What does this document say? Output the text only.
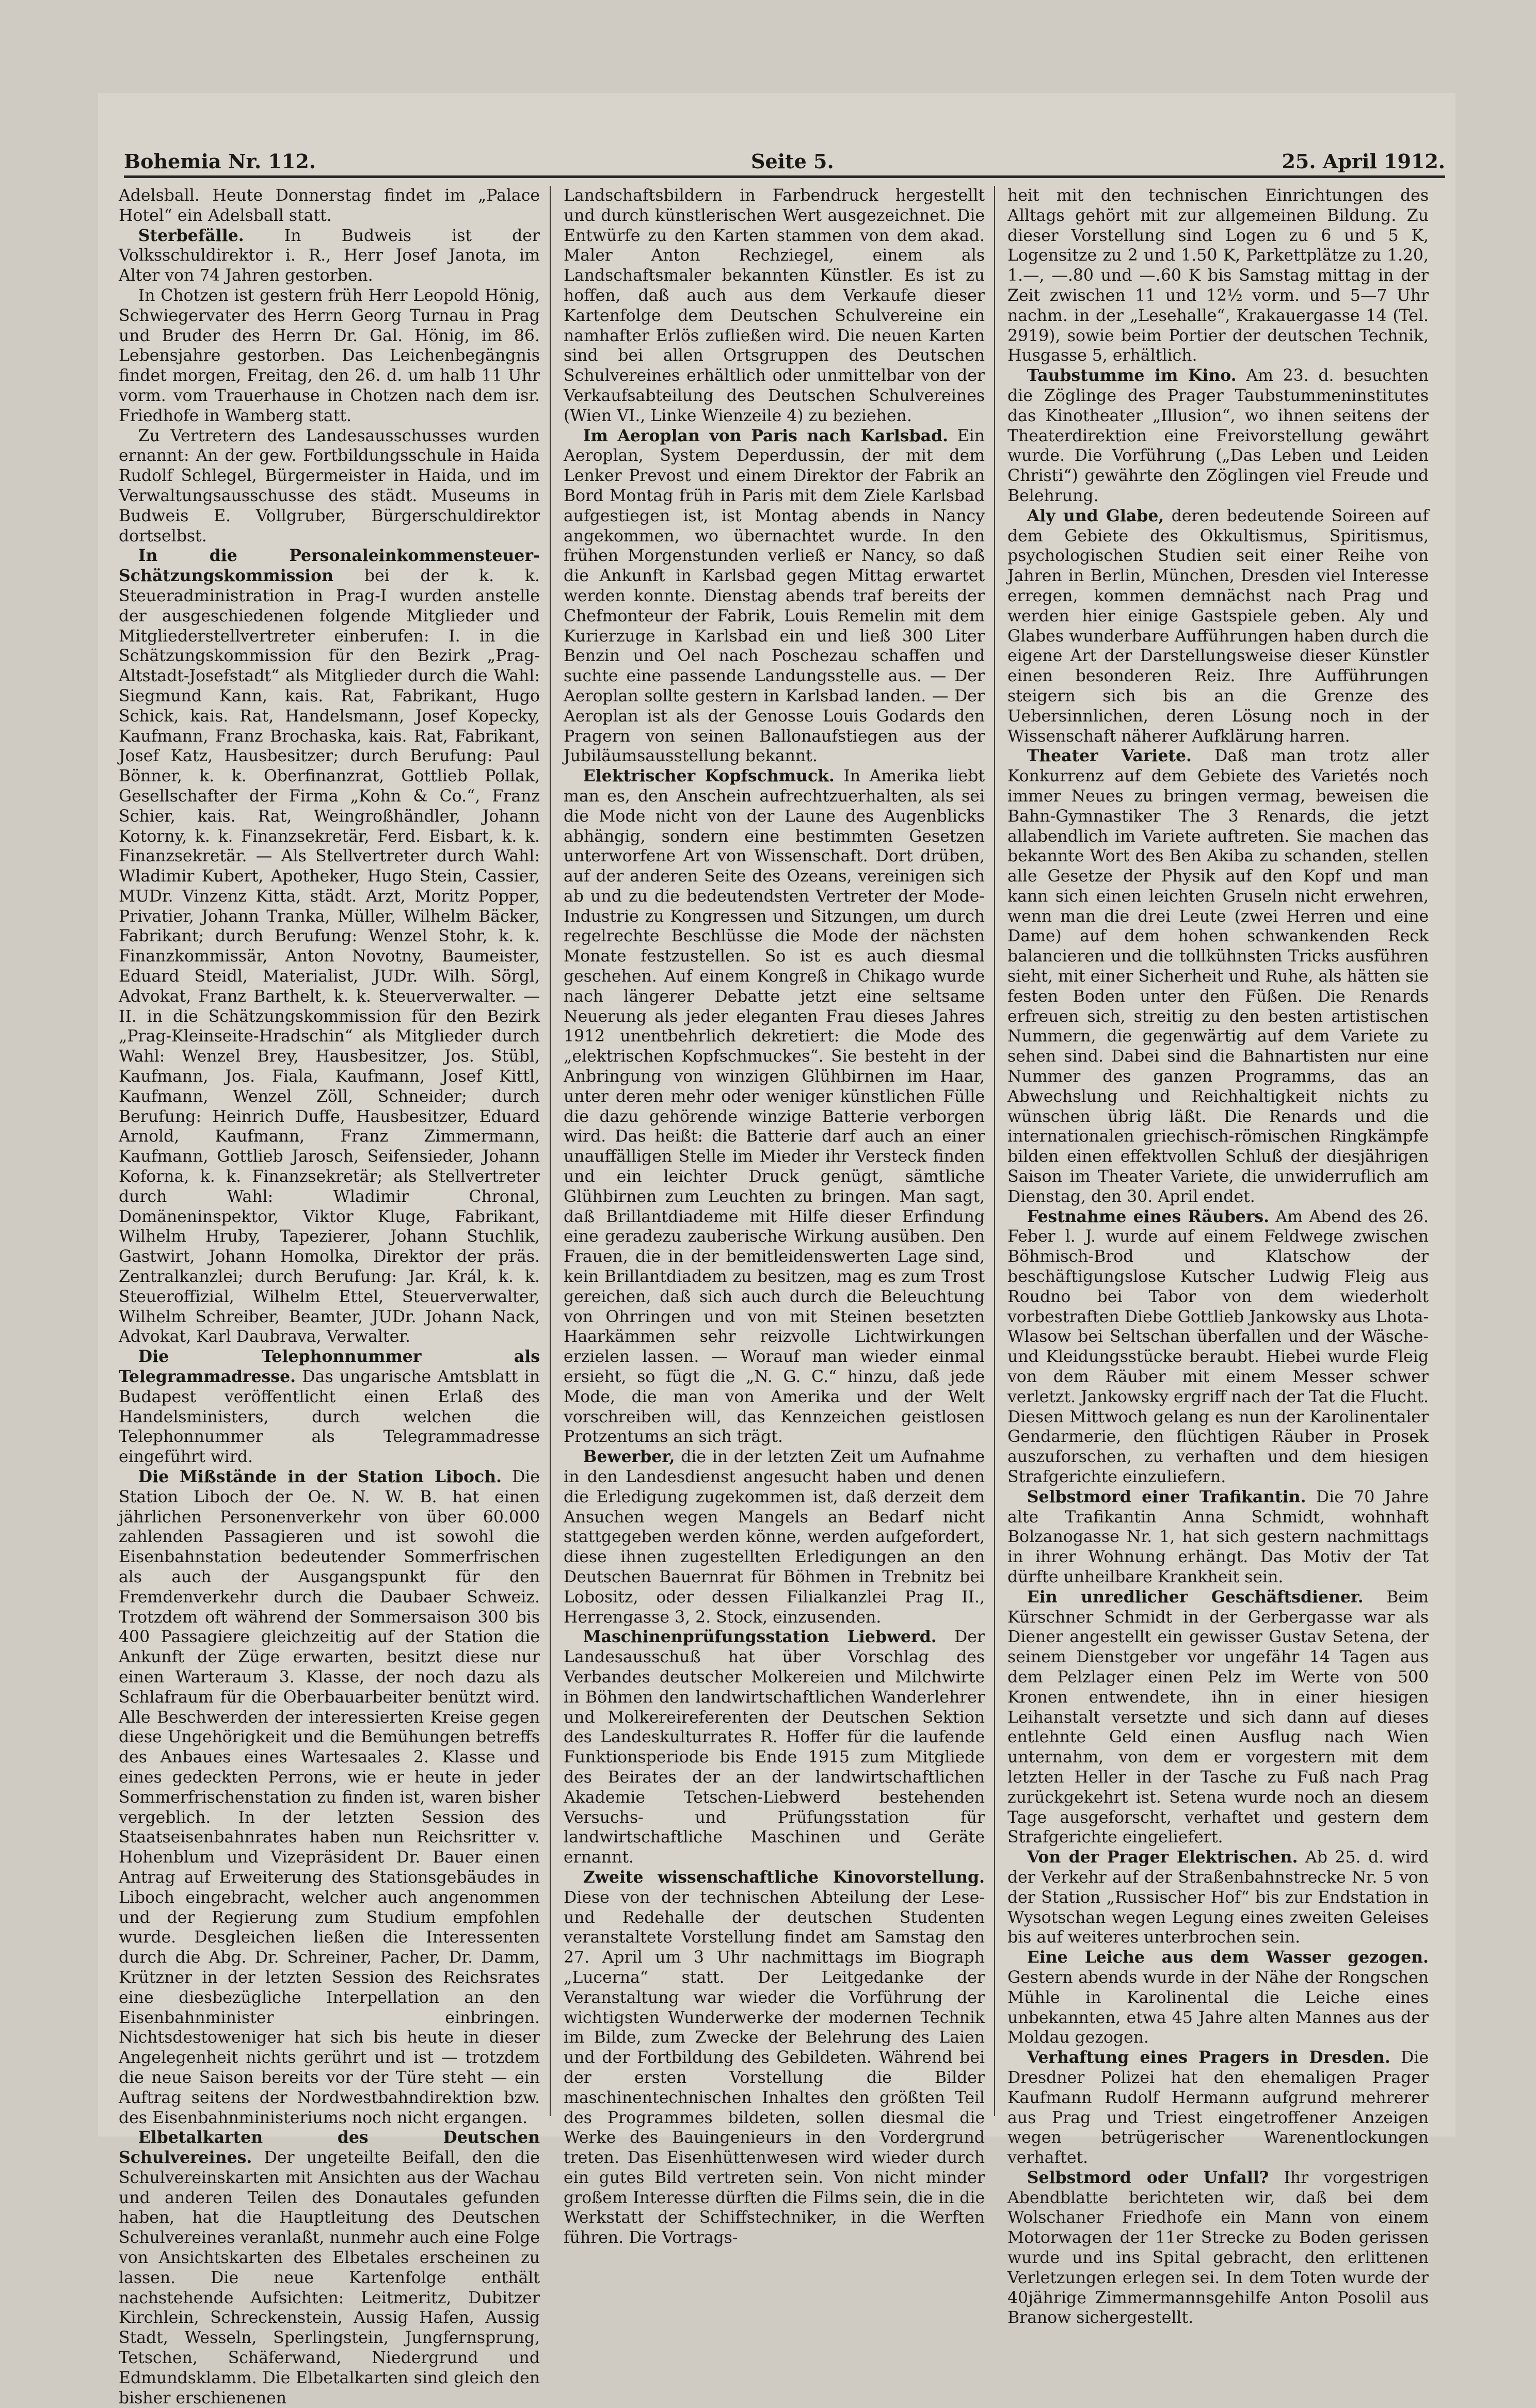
Bohemia Nr. 112.	Seite 5.	25. April 1912.

Adelsball. Heute Donnerstag findet im „Palace Hotel“ ein Adelsball statt.

Sterbefälle. In Budweis ist der Volksschuldirektor i. R., Herr Josef Janota, im Alter von 74 Jahren gestorben.

In Chotzen ist gestern früh Herr Leopold Hönig, Schwiegervater des Herrn Georg Turnau in Prag und Bruder des Herrn Dr. Gal. Hönig, im 86. Lebensjahre gestorben. Das Leichenbegängnis findet morgen, Freitag, den 26. d. um halb 11 Uhr vorm. vom Trauerhause in Chotzen nach dem isr. Friedhofe in Wamberg statt.

Zu Vertretern des Landesausschusses wurden ernannt: An der gew. Fortbildungsschule in Haida Rudolf Schlegel, Bürgermeister in Haida, und im Verwaltungsausschusse des städt. Museums in Budweis E. Vollgruber, Bürgerschuldirektor dortselbst.

In die Personaleinkommensteuer-Schätzungskommission bei der k. k. Steueradministration in Prag-I wurden anstelle der ausgeschiedenen folgende Mitglieder und Mitgliederstellvertreter einberufen: I. in die Schätzungskommission für den Bezirk „Prag-Altstadt-Josefstadt“ als Mitglieder durch die Wahl: Siegmund Kann, kais. Rat, Fabrikant, Hugo Schick, kais. Rat, Handelsmann, Josef Kopecky, Kaufmann, Franz Brochaska, kais. Rat, Fabrikant, Josef Katz, Hausbesitzer; durch Berufung: Paul Bönner, k. k. Oberfinanzrat, Gottlieb Pollak, Gesellschafter der Firma „Kohn & Co.“, Franz Schier, kais. Rat, Weingroßhändler, Johann Kotorny, k. k. Finanzsekretär, Ferd. Eisbart, k. k. Finanzsekretär. — Als Stellvertreter durch Wahl: Wladimir Kubert, Apotheker, Hugo Stein, Cassier, MUDr. Vinzenz Kitta, städt. Arzt, Moritz Popper, Privatier, Johann Tranka, Müller, Wilhelm Bäcker, Fabrikant; durch Berufung: Wenzel Stohr, k. k. Finanzkommissär, Anton Novotny, Baumeister, Eduard Steidl, Materialist, JUDr. Wilh. Sörgl, Advokat, Franz Barthelt, k. k. Steuerverwalter. — II. in die Schätzungskommission für den Bezirk „Prag-Kleinseite-Hradschin“ als Mitglieder durch Wahl: Wenzel Brey, Hausbesitzer, Jos. Stübl, Kaufmann, Jos. Fiala, Kaufmann, Josef Kittl, Kaufmann, Wenzel Zöll, Schneider; durch Berufung: Heinrich Duffe, Hausbesitzer, Eduard Arnold, Kaufmann, Franz Zimmermann, Kaufmann, Gottlieb Jarosch, Seifensieder, Johann Koforna, k. k. Finanzsekretär; als Stellvertreter durch Wahl: Wladimir Chronal, Domäneninspektor, Viktor Kluge, Fabrikant, Wilhelm Hruby, Tapezierer, Johann Stuchlik, Gastwirt, Johann Homolka, Direktor der präs. Zentralkanzlei; durch Berufung: Jar. Král, k. k. Steueroffizial, Wilhelm Ettel, Steuerverwalter, Wilhelm Schreiber, Beamter, JUDr. Johann Nack, Advokat, Karl Daubrava, Verwalter.

Die Telephonnummer als Telegrammadresse. Das ungarische Amtsblatt in Budapest veröffentlicht einen Erlaß des Handelsministers, durch welchen die Telephonnummer als Telegrammadresse eingeführt wird.

Die Mißstände in der Station Liboch. Die Station Liboch der Oe. N. W. B. hat einen jährlichen Personenverkehr von über 60.000 zahlenden Passagieren und ist sowohl die Eisenbahnstation bedeutender Sommerfrischen als auch der Ausgangspunkt für den Fremdenverkehr durch die Daubaer Schweiz. Trotzdem oft während der Sommersaison 300 bis 400 Passagiere gleichzeitig auf der Station die Ankunft der Züge erwarten, besitzt diese nur einen Warteraum 3. Klasse, der noch dazu als Schlafraum für die Oberbauarbeiter benützt wird. Alle Beschwerden der interessierten Kreise gegen diese Ungehörigkeit und die Bemühungen betreffs des Anbaues eines Wartesaales 2. Klasse und eines gedeckten Perrons, wie er heute in jeder Sommerfrischenstation zu finden ist, waren bisher vergeblich. In der letzten Session des Staatseisenbahnrates haben nun Reichsritter v. Hohenblum und Vizepräsident Dr. Bauer einen Antrag auf Erweiterung des Stationsgebäudes in Liboch eingebracht, welcher auch angenommen und der Regierung zum Studium empfohlen wurde. Desgleichen ließen die Interessenten durch die Abg. Dr. Schreiner, Pacher, Dr. Damm, Krützner in der letzten Session des Reichsrates eine diesbezügliche Interpellation an den Eisenbahnminister einbringen. Nichtsdestoweniger hat sich bis heute in dieser Angelegenheit nichts gerührt und ist — trotzdem die neue Saison bereits vor der Türe steht — ein Auftrag seitens der Nordwestbahndirektion bzw. des Eisenbahnministeriums noch nicht ergangen.

Elbetalkarten des Deutschen Schulvereines. Der ungeteilte Beifall, den die Schulvereinskarten mit Ansichten aus der Wachau und anderen Teilen des Donautales gefunden haben, hat die Hauptleitung des Deutschen Schulvereines veranlaßt, nunmehr auch eine Folge von Ansichtskarten des Elbetales erscheinen zu lassen. Die neue Kartenfolge enthält nachstehende Aufsichten: Leitmeritz, Dubitzer Kirchlein, Schreckenstein, Aussig Hafen, Aussig Stadt, Wesseln, Sperlingstein, Jungfernsprung, Tetschen, Schäferwand, Niedergrund und Edmundsklamm. Die Elbetalkarten sind gleich den bisher erschienenen

Landschaftsbildern in Farbendruck hergestellt und durch künstlerischen Wert ausgezeichnet. Die Entwürfe zu den Karten stammen von dem akad. Maler Anton Rechziegel, einem als Landschaftsmaler bekannten Künstler. Es ist zu hoffen, daß auch aus dem Verkaufe dieser Kartenfolge dem Deutschen Schulvereine ein namhafter Erlös zufließen wird. Die neuen Karten sind bei allen Ortsgruppen des Deutschen Schulvereines erhältlich oder unmittelbar von der Verkaufsabteilung des Deutschen Schulvereines (Wien VI., Linke Wienzeile 4) zu beziehen.

Im Aeroplan von Paris nach Karlsbad. Ein Aeroplan, System Deperdussin, der mit dem Lenker Prevost und einem Direktor der Fabrik an Bord Montag früh in Paris mit dem Ziele Karlsbad aufgestiegen ist, ist Montag abends in Nancy angekommen, wo übernachtet wurde. In den frühen Morgenstunden verließ er Nancy, so daß die Ankunft in Karlsbad gegen Mittag erwartet werden konnte. Dienstag abends traf bereits der Chefmonteur der Fabrik, Louis Remelin mit dem Kurierzuge in Karlsbad ein und ließ 300 Liter Benzin und Oel nach Poschezau schaffen und suchte eine passende Landungsstelle aus. — Der Aeroplan sollte gestern in Karlsbad landen. — Der Aeroplan ist als der Genosse Louis Godards den Pragern von seinen Ballonaufstiegen aus der Jubiläumsausstellung bekannt.

Elektrischer Kopfschmuck. In Amerika liebt man es, den Anschein aufrechtzuerhalten, als sei die Mode nicht von der Laune des Augenblicks abhängig, sondern eine bestimmten Gesetzen unterworfene Art von Wissenschaft. Dort drüben, auf der anderen Seite des Ozeans, vereinigen sich ab und zu die bedeutendsten Vertreter der Mode-Industrie zu Kongressen und Sitzungen, um durch regelrechte Beschlüsse die Mode der nächsten Monate festzustellen. So ist es auch diesmal geschehen. Auf einem Kongreß in Chikago wurde nach längerer Debatte jetzt eine seltsame Neuerung als jeder eleganten Frau dieses Jahres 1912 unentbehrlich dekretiert: die Mode des „elektrischen Kopfschmuckes“. Sie besteht in der Anbringung von winzigen Glühbirnen im Haar, unter deren mehr oder weniger künstlichen Fülle die dazu gehörende winzige Batterie verborgen wird. Das heißt: die Batterie darf auch an einer unauffälligen Stelle im Mieder ihr Versteck finden und ein leichter Druck genügt, sämtliche Glühbirnen zum Leuchten zu bringen. Man sagt, daß Brillantdiademe mit Hilfe dieser Erfindung eine geradezu zauberische Wirkung ausüben. Den Frauen, die in der bemitleidenswerten Lage sind, kein Brillantdiadem zu besitzen, mag es zum Trost gereichen, daß sich auch durch die Beleuchtung von Ohrringen und von mit Steinen besetzten Haarkämmen sehr reizvolle Lichtwirkungen erzielen lassen. — Worauf man wieder einmal ersieht, so fügt die „N. G. C.“ hinzu, daß jede Mode, die man von Amerika und der Welt vorschreiben will, das Kennzeichen geistlosen Protzentums an sich trägt.

Bewerber, die in der letzten Zeit um Aufnahme in den Landesdienst angesucht haben und denen die Erledigung zugekommen ist, daß derzeit dem Ansuchen wegen Mangels an Bedarf nicht stattgegeben werden könne, werden aufgefordert, diese ihnen zugestellten Erledigungen an den Deutschen Bauernrat für Böhmen in Trebnitz bei Lobositz, oder dessen Filialkanzlei Prag II., Herrengasse 3, 2. Stock, einzusenden.

Maschinenprüfungsstation Liebwerd. Der Landesausschuß hat über Vorschlag des Verbandes deutscher Molkereien und Milchwirte in Böhmen den landwirtschaftlichen Wanderlehrer und Molkereireferenten der Deutschen Sektion des Landeskulturrates R. Hoffer für die laufende Funktionsperiode bis Ende 1915 zum Mitgliede des Beirates der an der landwirtschaftlichen Akademie Tetschen-Liebwerd bestehenden Versuchs- und Prüfungsstation für landwirtschaftliche Maschinen und Geräte ernannt.

Zweite wissenschaftliche Kinovorstellung. Diese von der technischen Abteilung der Lese- und Redehalle der deutschen Studenten veranstaltete Vorstellung findet am Samstag den 27. April um 3 Uhr nachmittags im Biograph „Lucerna“ statt. Der Leitgedanke der Veranstaltung war wieder die Vorführung der wichtigsten Wunderwerke der modernen Technik im Bilde, zum Zwecke der Belehrung des Laien und der Fortbildung des Gebildeten. Während bei der ersten Vorstellung die Bilder maschinentechnischen Inhaltes den größten Teil des Programmes bildeten, sollen diesmal die Werke des Bauingenieurs in den Vordergrund treten. Das Eisenhüttenwesen wird wieder durch ein gutes Bild vertreten sein. Von nicht minder großem Interesse dürften die Films sein, die in die Werkstatt der Schiffstechniker, in die Werften führen. Die Vortrags-

heit mit den technischen Einrichtungen des Alltags gehört mit zur allgemeinen Bildung. Zu dieser Vorstellung sind Logen zu 6 und 5 K, Logensitze zu 2 und 1.50 K, Parkettplätze zu 1.20, 1.—, —.80 und —.60 K bis Samstag mittag in der Zeit zwischen 11 und 12½ vorm. und 5—7 Uhr nachm. in der „Lesehalle“, Krakauergasse 14 (Tel. 2919), sowie beim Portier der deutschen Technik, Husgasse 5, erhältlich.

Taubstumme im Kino. Am 23. d. besuchten die Zöglinge des Prager Taubstummeninstitutes das Kinotheater „Illusion“, wo ihnen seitens der Theaterdirektion eine Freivorstellung gewährt wurde. Die Vorführung („Das Leben und Leiden Christi“) gewährte den Zöglingen viel Freude und Belehrung.

Aly und Glabe, deren bedeutende Soireen auf dem Gebiete des Okkultismus, Spiritismus, psychologischen Studien seit einer Reihe von Jahren in Berlin, München, Dresden viel Interesse erregen, kommen demnächst nach Prag und werden hier einige Gastspiele geben. Aly und Glabes wunderbare Aufführungen haben durch die eigene Art der Darstellungsweise dieser Künstler einen besonderen Reiz. Ihre Aufführungen steigern sich bis an die Grenze des Uebersinnlichen, deren Lösung noch in der Wissenschaft näherer Aufklärung harren.

Theater Variete. Daß man trotz aller Konkurrenz auf dem Gebiete des Varietés noch immer Neues zu bringen vermag, beweisen die Bahn-Gymnastiker The 3 Renards, die jetzt allabendlich im Variete auftreten. Sie machen das bekannte Wort des Ben Akiba zu schanden, stellen alle Gesetze der Physik auf den Kopf und man kann sich einen leichten Gruseln nicht erwehren, wenn man die drei Leute (zwei Herren und eine Dame) auf dem hohen schwankenden Reck balancieren und die tollkühnsten Tricks ausführen sieht, mit einer Sicherheit und Ruhe, als hätten sie festen Boden unter den Füßen. Die Renards erfreuen sich, streitig zu den besten artistischen Nummern, die gegenwärtig auf dem Variete zu sehen sind. Dabei sind die Bahnartisten nur eine Nummer des ganzen Programms, das an Abwechslung und Reichhaltigkeit nichts zu wünschen übrig läßt. Die Renards und die internationalen griechisch-römischen Ringkämpfe bilden einen effektvollen Schluß der diesjährigen Saison im Theater Variete, die unwiderruflich am Dienstag, den 30. April endet.

Festnahme eines Räubers. Am Abend des 26. Feber l. J. wurde auf einem Feldwege zwischen Böhmisch-Brod und Klatschow der beschäftigungslose Kutscher Ludwig Fleig aus Roudno bei Tabor von dem wiederholt vorbestraften Diebe Gottlieb Jankowsky aus Lhota-Wlasow bei Seltschan überfallen und der Wäsche- und Kleidungsstücke beraubt. Hiebei wurde Fleig von dem Räuber mit einem Messer schwer verletzt. Jankowsky ergriff nach der Tat die Flucht. Diesen Mittwoch gelang es nun der Karolinentaler Gendarmerie, den flüchtigen Räuber in Prosek auszuforschen, zu verhaften und dem hiesigen Strafgerichte einzuliefern.

Selbstmord einer Trafikantin. Die 70 Jahre alte Trafikantin Anna Schmidt, wohnhaft Bolzanogasse Nr. 1, hat sich gestern nachmittags in ihrer Wohnung erhängt. Das Motiv der Tat dürfte unheilbare Krankheit sein.

Ein unredlicher Geschäftsdiener. Beim Kürschner Schmidt in der Gerbergasse war als Diener angestellt ein gewisser Gustav Setena, der seinem Dienstgeber vor ungefähr 14 Tagen aus dem Pelzlager einen Pelz im Werte von 500 Kronen entwendete, ihn in einer hiesigen Leihanstalt versetzte und sich dann auf dieses entlehnte Geld einen Ausflug nach Wien unternahm, von dem er vorgestern mit dem letzten Heller in der Tasche zu Fuß nach Prag zurückgekehrt ist. Setena wurde noch an diesem Tage ausgeforscht, verhaftet und gestern dem Strafgerichte eingeliefert.

Von der Prager Elektrischen. Ab 25. d. wird der Verkehr auf der Straßenbahnstrecke Nr. 5 von der Station „Russischer Hof“ bis zur Endstation in Wysotschan wegen Legung eines zweiten Geleises bis auf weiteres unterbrochen sein.

Eine Leiche aus dem Wasser gezogen. Gestern abends wurde in der Nähe der Rongschen Mühle in Karolinental die Leiche eines unbekannten, etwa 45 Jahre alten Mannes aus der Moldau gezogen.

Verhaftung eines Pragers in Dresden. Die Dresdner Polizei hat den ehemaligen Prager Kaufmann Rudolf Hermann aufgrund mehrerer aus Prag und Triest eingetroffener Anzeigen wegen betrügerischer Warenentlockungen verhaftet.

Selbstmord oder Unfall? Ihr vorgestrigen Abendblatte berichteten wir, daß bei dem Wolschaner Friedhofe ein Mann von einem Motorwagen der 11er Strecke zu Boden gerissen wurde und ins Spital gebracht, den erlittenen Verletzungen erlegen sei. In dem Toten wurde der 40jährige Zimmermannsgehilfe Anton Posolil aus Branow sichergestellt.
